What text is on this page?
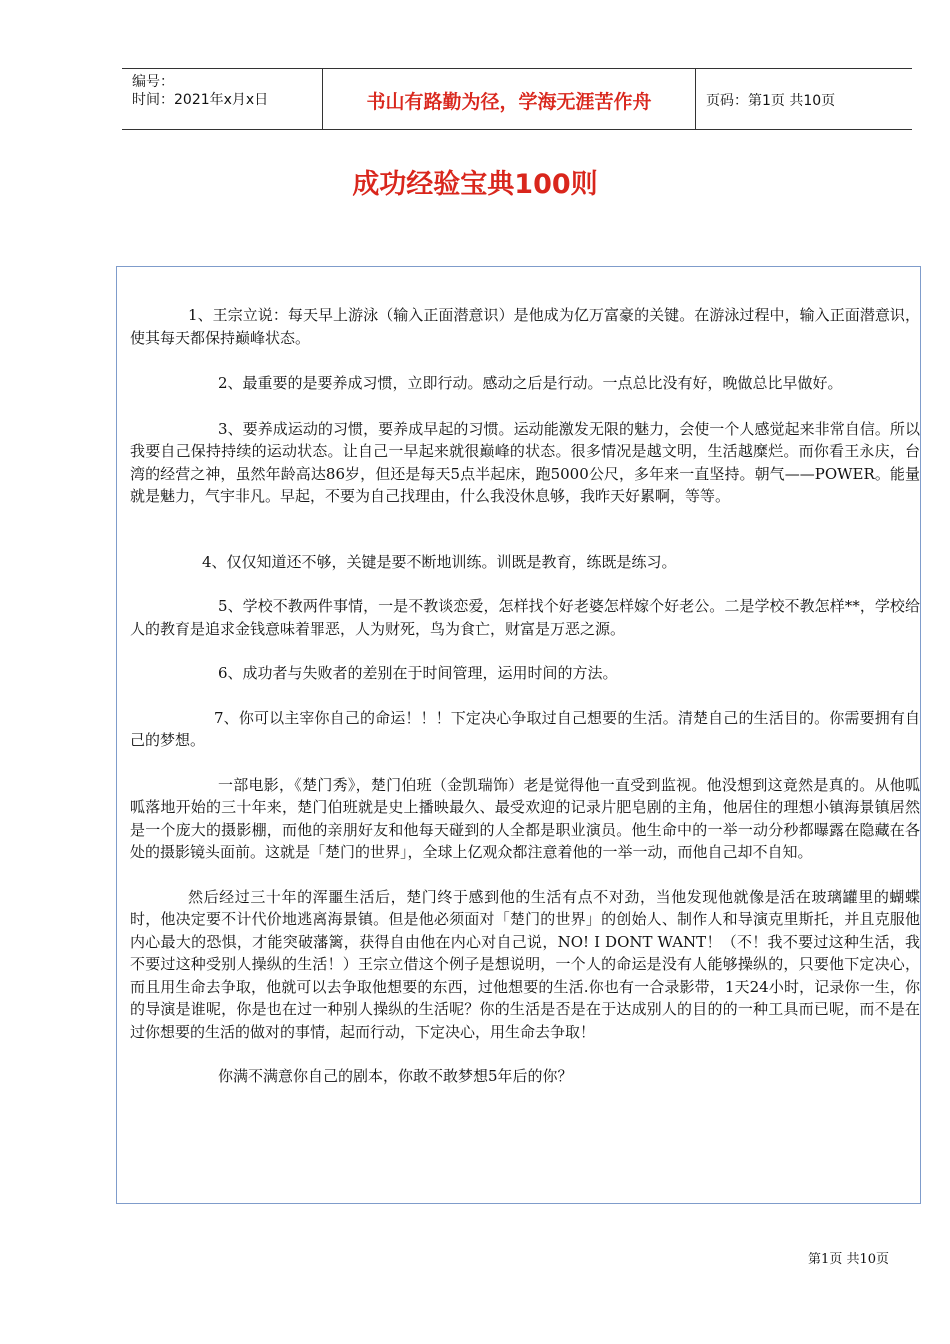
编号：
时间：2021年x月x日	书山有路勤为径，学海无涯苦作舟	页码：第1页 共10页
成功经验宝典100则

1、王宗立说：每天早上游泳（输入正面潜意识）是他成为亿万富豪的关键。在游泳过程中，输入正面潜意识，使其每天都保持巅峰状态。

2、最重要的是要养成习惯，立即行动。感动之后是行动。一点总比没有好，晚做总比早做好。

3、要养成运动的习惯，要养成早起的习惯。运动能激发无限的魅力，会使一个人感觉起来非常自信。所以我要自己保持持续的运动状态。让自己一早起来就很巅峰的状态。很多情况是越文明，生活越糜烂。而你看王永庆，台湾的经营之神，虽然年龄高达86岁，但还是每天5点半起床，跑5000公尺，多年来一直坚持。朝气——POWER。能量就是魅力，气宇非凡。早起，不要为自己找理由，什么我没休息够，我昨天好累啊，等等。

4、仅仅知道还不够，关键是要不断地训练。训既是教育，练既是练习。

5、学校不教两件事情，一是不教谈恋爱，怎样找个好老婆怎样嫁个好老公。二是学校不教怎样**，学校给人的教育是追求金钱意味着罪恶，人为财死，鸟为食亡，财富是万恶之源。

6、成功者与失败者的差别在于时间管理，运用时间的方法。

7、你可以主宰你自己的命运！！！下定决心争取过自己想要的生活。清楚自己的生活目的。你需要拥有自己的梦想。

一部电影，《楚门秀》，楚门伯班（金凯瑞饰）老是觉得他一直受到监视。他没想到这竟然是真的。从他呱呱落地开始的三十年来，楚门伯班就是史上播映最久、最受欢迎的记录片肥皂剧的主角，他居住的理想小镇海景镇居然是一个庞大的摄影棚，而他的亲朋好友和他每天碰到的人全都是职业演员。他生命中的一举一动分秒都曝露在隐藏在各处的摄影镜头面前。这就是「楚门的世界」，全球上亿观众都注意着他的一举一动，而他自己却不自知。

然后经过三十年的浑噩生活后，楚门终于感到他的生活有点不对劲，当他发现他就像是活在玻璃罐里的蝴蝶时，他决定要不计代价地逃离海景镇。但是他必须面对「楚门的世界」的创始人、制作人和导演克里斯托，并且克服他内心最大的恐惧，才能突破藩篱，获得自由他在内心对自己说，NO! I DONT WANT！（不！我不要过这种生活，我不要过这种受别人操纵的生活！）王宗立借这个例子是想说明，一个人的命运是没有人能够操纵的，只要他下定决心，而且用生命去争取，他就可以去争取他想要的东西，过他想要的生活.你也有一合录影带，1天24小时，记录你一生，你的导演是谁呢，你是也在过一种别人操纵的生活呢？你的生活是否是在于达成别人的目的的一种工具而已呢，而不是在过你想要的生活的做对的事情，起而行动，下定决心，用生命去争取！

你满不满意你自己的剧本，你敢不敢梦想5年后的你？

第1页 共10页
